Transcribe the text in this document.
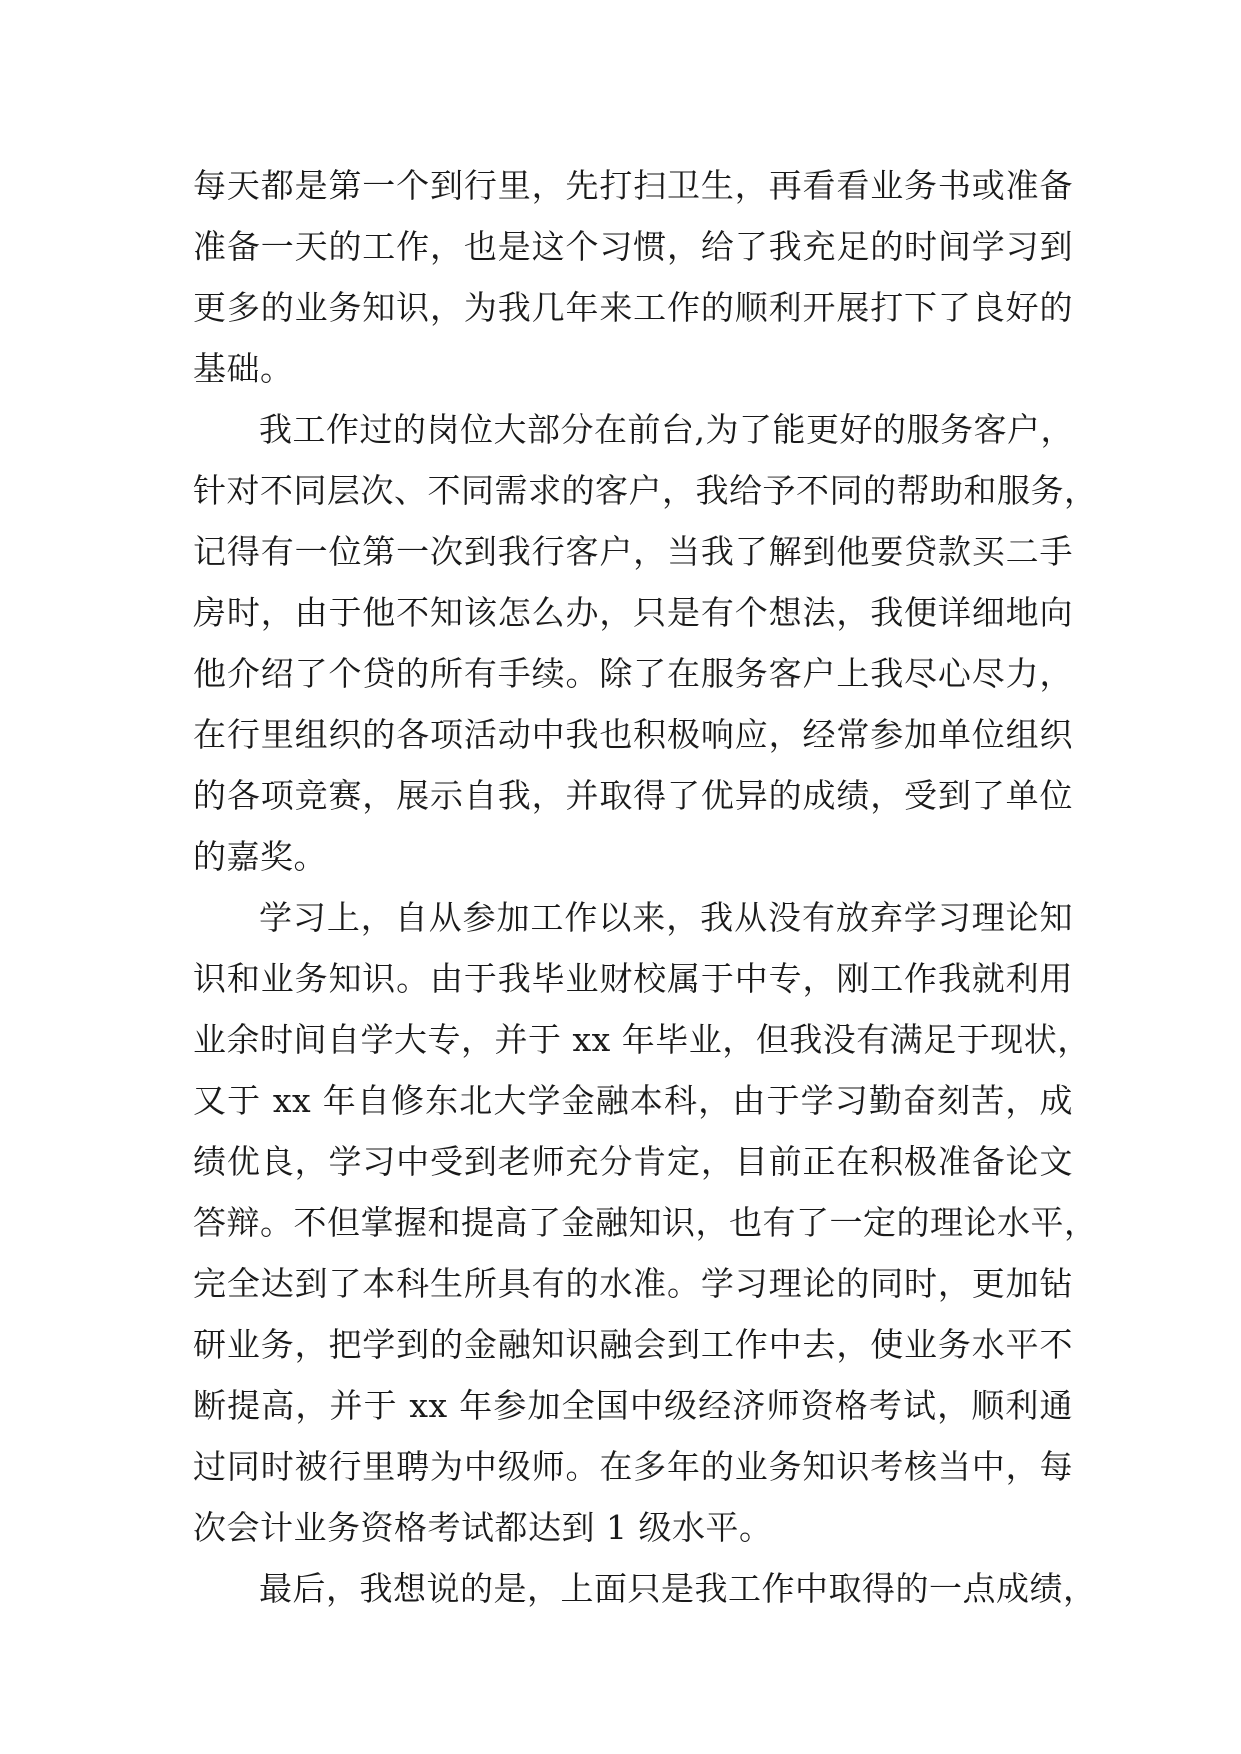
每天都是第一个到行里，先打扫卫生，再看看业务书或准备
准备一天的工作，也是这个习惯，给了我充足的时间学习到
更多的业务知识，为我几年来工作的顺利开展打下了良好的
基础。
我工作过的岗位大部分在前台,为了能更好的服务客户，
针对不同层次、不同需求的客户，我给予不同的帮助和服务，
记得有一位第一次到我行客户，当我了解到他要贷款买二手
房时，由于他不知该怎么办，只是有个想法，我便详细地向
他介绍了个贷的所有手续。除了在服务客户上我尽心尽力，
在行里组织的各项活动中我也积极响应，经常参加单位组织
的各项竞赛，展示自我，并取得了优异的成绩，受到了单位
的嘉奖。
学习上，自从参加工作以来，我从没有放弃学习理论知
识和业务知识。由于我毕业财校属于中专，刚工作我就利用
业余时间自学大专，并于 xx 年毕业，但我没有满足于现状，
又于 xx 年自修东北大学金融本科，由于学习勤奋刻苦，成
绩优良，学习中受到老师充分肯定，目前正在积极准备论文
答辩。不但掌握和提高了金融知识，也有了一定的理论水平，
完全达到了本科生所具有的水准。学习理论的同时，更加钻
研业务，把学到的金融知识融会到工作中去，使业务水平不
断提高，并于 xx 年参加全国中级经济师资格考试，顺利通
过同时被行里聘为中级师。在多年的业务知识考核当中，每
次会计业务资格考试都达到 1 级水平。
最后，我想说的是，上面只是我工作中取得的一点成绩，
